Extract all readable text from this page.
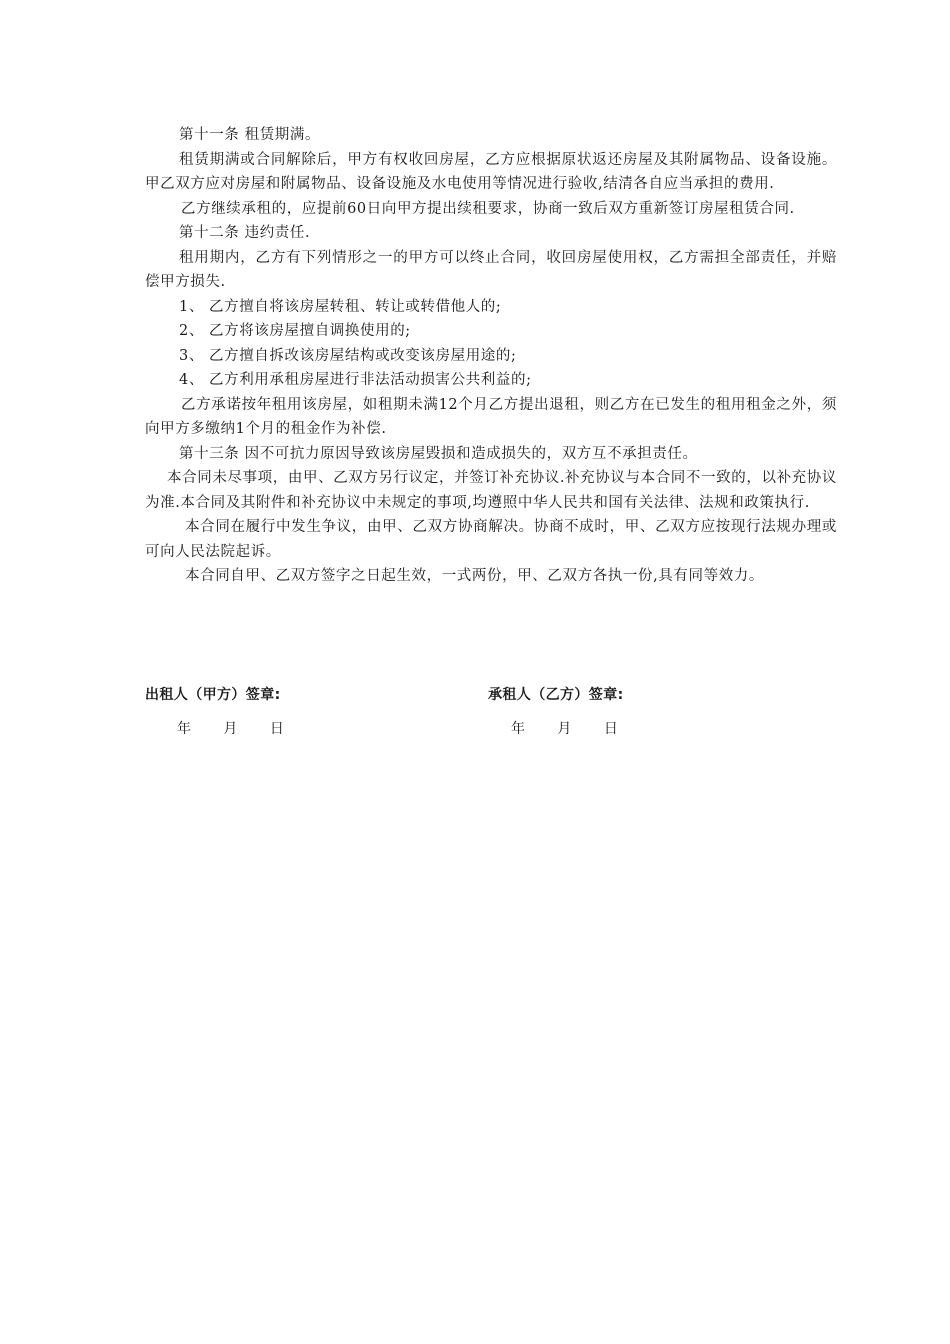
第十一条 租赁期满。

租赁期满或合同解除后，甲方有权收回房屋，乙方应根据原状返还房屋及其附属物品、设备设施。甲乙双方应对房屋和附属物品、设备设施及水电使用等情况进行验收,结清各自应当承担的费用.

乙方继续承租的，应提前60日向甲方提出续租要求，协商一致后双方重新签订房屋租赁合同.

第十二条 违约责任.

租用期内，乙方有下列情形之一的甲方可以终止合同，收回房屋使用权，乙方需担全部责任，并赔偿甲方损失.

1、 乙方擅自将该房屋转租、转让或转借他人的;

2、 乙方将该房屋擅自调换使用的;

3、 乙方擅自拆改该房屋结构或改变该房屋用途的;

4、 乙方利用承租房屋进行非法活动损害公共利益的;

乙方承诺按年租用该房屋，如租期未满12个月乙方提出退租，则乙方在已发生的租用租金之外，须向甲方多缴纳1个月的租金作为补偿.

第十三条 因不可抗力原因导致该房屋毁损和造成损失的，双方互不承担责任。

本合同未尽事项，由甲、乙双方另行议定，并签订补充协议.补充协议与本合同不一致的，以补充协议为准.本合同及其附件和补充协议中未规定的事项,均遵照中华人民共和国有关法律、法规和政策执行.

本合同在履行中发生争议，由甲、乙双方协商解决。协商不成时，甲、乙双方应按现行法规办理或可向人民法院起诉。

本合同自甲、乙双方签字之日起生效，一式两份，甲、乙双方各执一份,具有同等效力。

出租人（甲方）签章:	承租人（乙方）签章:
年 月 日	年 月 日
